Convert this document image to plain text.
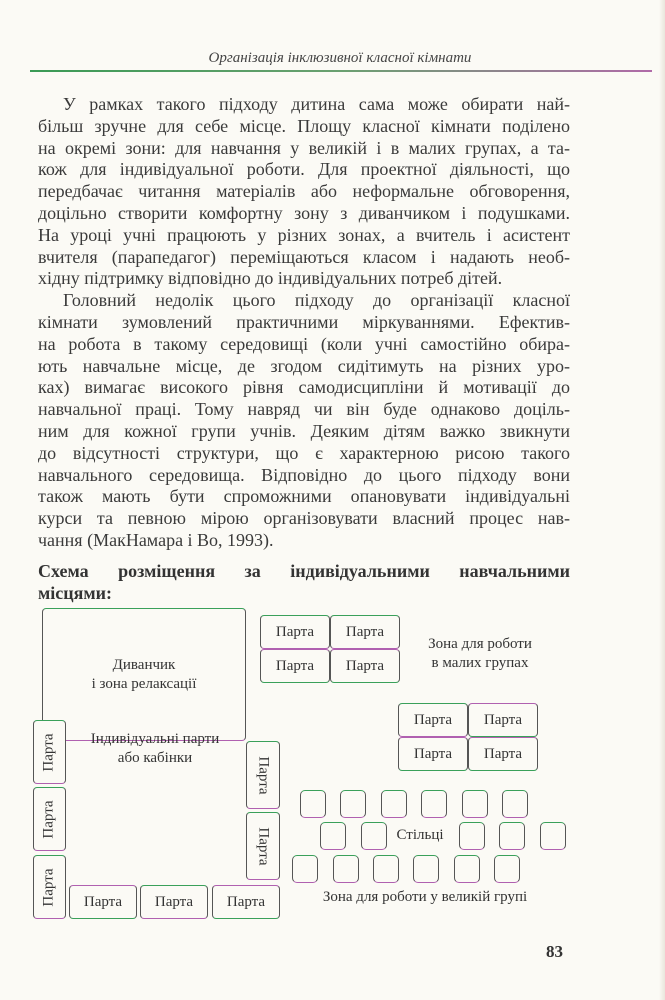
Організація інклюзивної класної кімнати
У рамках такого підходу дитина сама може обирати най-
більш зручне для себе місце. Площу класної кімнати поділено
на окремі зони: для навчання у великій і в малих групах, а та-
кож для індивідуальної роботи. Для проектної діяльності, що
передбачає читання матеріалів або неформальне обговорення,
доцільно створити комфортну зону з диванчиком і подушками.
На уроці учні працюють у різних зонах, а вчитель і асистент
вчителя (парапедагог) переміщаються класом і надають необ-
хідну підтримку відповідно до індивідуальних потреб дітей.
Головний недолік цього підходу до організації класної
кімнати зумовлений практичними міркуваннями. Ефектив-
на робота в такому середовищі (коли учні самостійно обира-
ють навчальне місце, де згодом сидітимуть на різних уро-
ках) вимагає високого рівня самодисципліни й мотивації до
навчальної праці. Тому навряд чи він буде однаково доціль-
ним для кожної групи учнів. Деяким дітям важко звикнути
до відсутності структури, що є характерною рисою такого
навчального середовища. Відповідно до цього підходу вони
також мають бути спроможними опановувати індивідуальні
курси та певною мірою організовувати власний процес нав-
чання (МакНамара і Во, 1993).
Схема розміщення за індивідуальними навчальними
місцями:
Диванчик
і зона релаксації
Зона для роботи
в малих групах
Індивідуальні парти
або кабінки
Стільці
Зона для роботи у великій групі
Парта Парта
Парта Парта
Парта Парта
Парта Парта
Парта Парта Парта
Парта
Парта
Парта
Парта
Парта
83
